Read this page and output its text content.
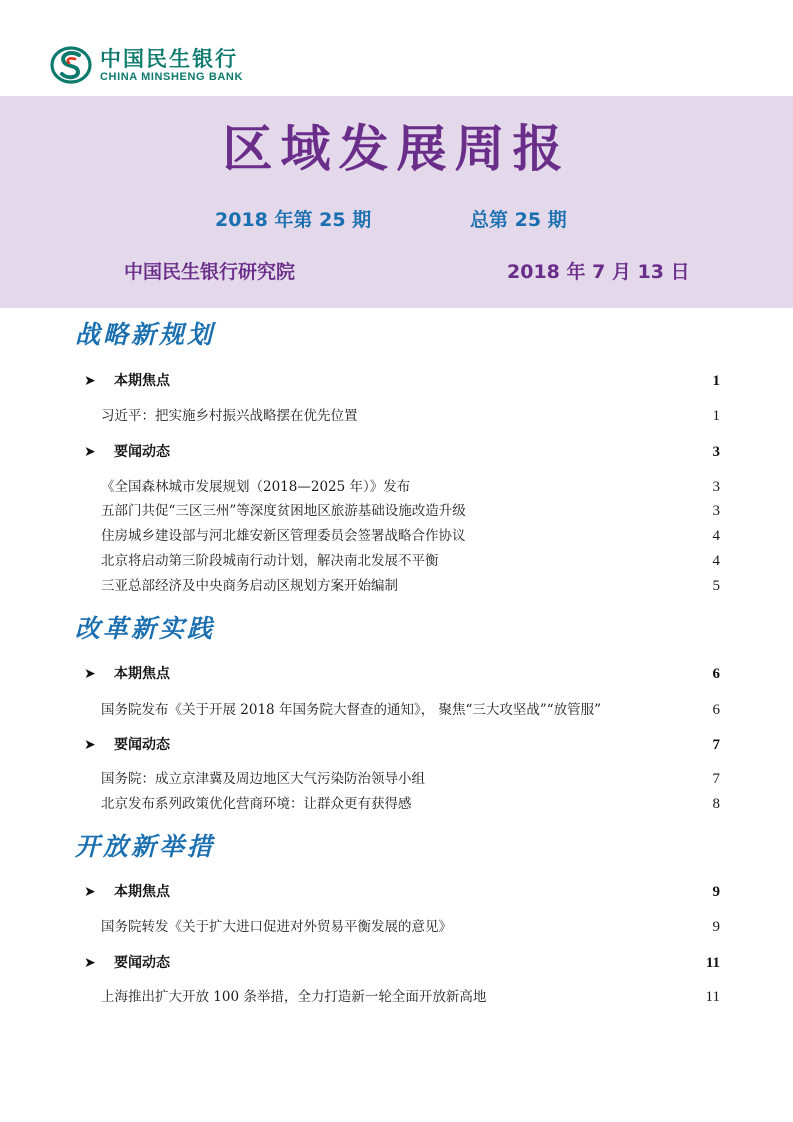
中国民生银行
CHINA MINSHENG BANK
区域发展周报
2018 年第 25 期	总第 25 期
中国民生银行研究院	2018 年 7 月 13 日
战略新规划
➤ 本期焦点	1
习近平：把实施乡村振兴战略摆在优先位置	1
➤ 要闻动态	3
《全国森林城市发展规划（2018—2025 年）》发布	3
五部门共促“三区三州”等深度贫困地区旅游基础设施改造升级	3
住房城乡建设部与河北雄安新区管理委员会签署战略合作协议	4
北京将启动第三阶段城南行动计划，解决南北发展不平衡	4
三亚总部经济及中央商务启动区规划方案开始编制	5
改革新实践
➤ 本期焦点	6
国务院发布《关于开展 2018 年国务院大督查的通知》， 聚焦“三大攻坚战”“放管服”	6
➤ 要闻动态	7
国务院：成立京津冀及周边地区大气污染防治领导小组	7
北京发布系列政策优化营商环境：让群众更有获得感	8
开放新举措
➤ 本期焦点	9
国务院转发《关于扩大进口促进对外贸易平衡发展的意见》	9
➤ 要闻动态	11
上海推出扩大开放 100 条举措，全力打造新一轮全面开放新高地	11
